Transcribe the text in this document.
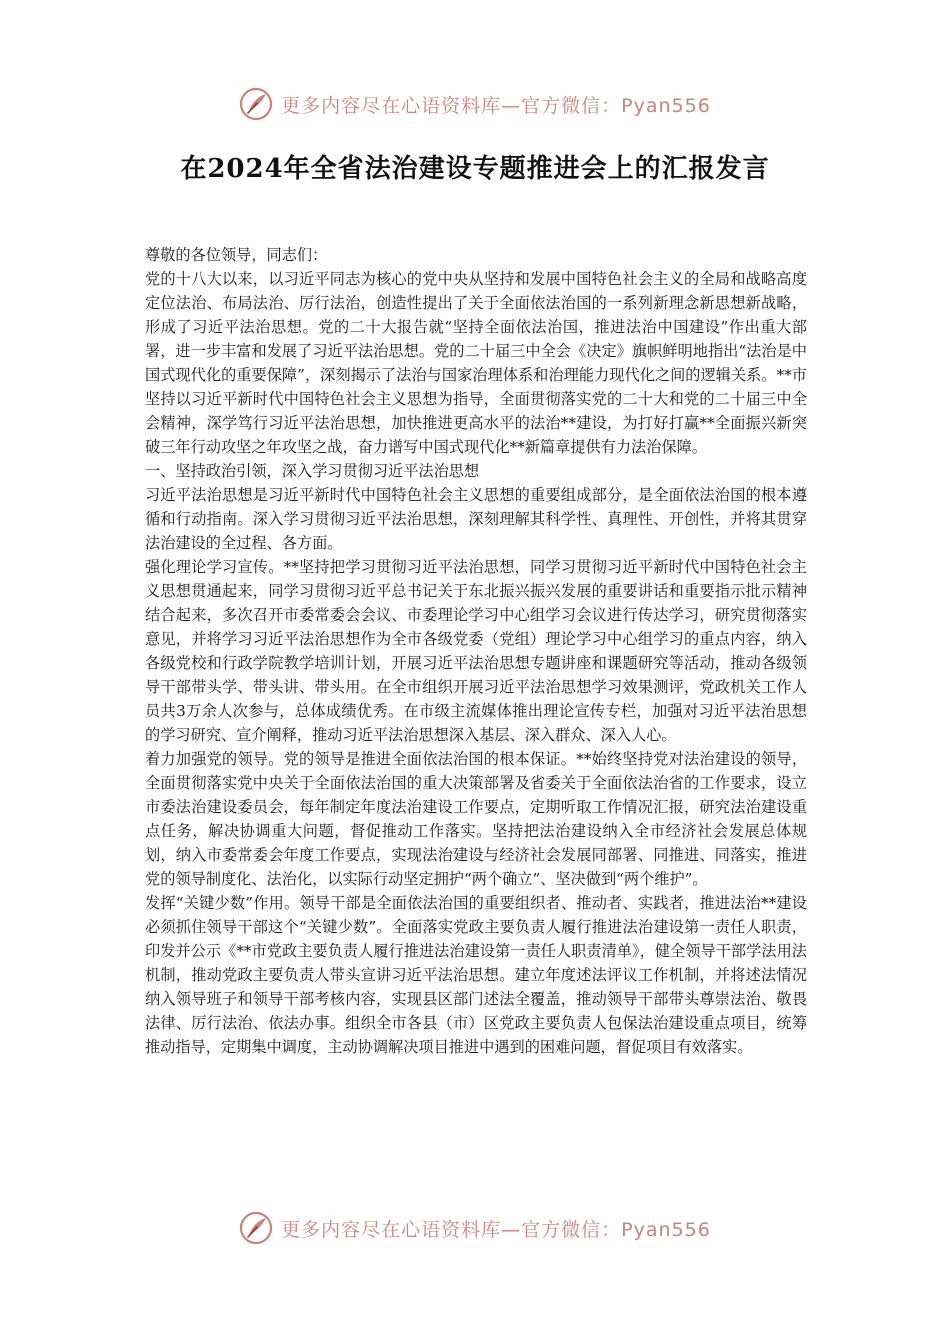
更多内容尽在心语资料库—官方微信：Pyan556
在2024年全省法治建设专题推进会上的汇报发言

尊敬的各位领导，同志们：

党的十八大以来，以习近平同志为核心的党中央从坚持和发展中国特色社会主义的全局和战略高度定位法治、布局法治、厉行法治，创造性提出了关于全面依法治国的一系列新理念新思想新战略，形成了习近平法治思想。党的二十大报告就“坚持全面依法治国，推进法治中国建设”作出重大部署，进一步丰富和发展了习近平法治思想。党的二十届三中全会《决定》旗帜鲜明地指出“法治是中国式现代化的重要保障”，深刻揭示了法治与国家治理体系和治理能力现代化之间的逻辑关系。**市坚持以习近平新时代中国特色社会主义思想为指导，全面贯彻落实党的二十大和党的二十届三中全会精神，深学笃行习近平法治思想，加快推进更高水平的法治**建设，为打好打赢**全面振兴新突破三年行动攻坚之年攻坚之战，奋力谱写中国式现代化**新篇章提供有力法治保障。

一、坚持政治引领，深入学习贯彻习近平法治思想

习近平法治思想是习近平新时代中国特色社会主义思想的重要组成部分，是全面依法治国的根本遵循和行动指南。深入学习贯彻习近平法治思想，深刻理解其科学性、真理性、开创性，并将其贯穿法治建设的全过程、各方面。

强化理论学习宣传。**坚持把学习贯彻习近平法治思想，同学习贯彻习近平新时代中国特色社会主义思想贯通起来，同学习贯彻习近平总书记关于东北振兴振兴发展的重要讲话和重要指示批示精神结合起来，多次召开市委常委会会议、市委理论学习中心组学习会议进行传达学习，研究贯彻落实意见，并将学习习近平法治思想作为全市各级党委（党组）理论学习中心组学习的重点内容，纳入各级党校和行政学院教学培训计划，开展习近平法治思想专题讲座和课题研究等活动，推动各级领导干部带头学、带头讲、带头用。在全市组织开展习近平法治思想学习效果测评，党政机关工作人员共3万余人次参与，总体成绩优秀。在市级主流媒体推出理论宣传专栏，加强对习近平法治思想的学习研究、宣介阐释，推动习近平法治思想深入基层、深入群众、深入人心。

着力加强党的领导。党的领导是推进全面依法治国的根本保证。**始终坚持党对法治建设的领导，全面贯彻落实党中央关于全面依法治国的重大决策部署及省委关于全面依法治省的工作要求，设立市委法治建设委员会，每年制定年度法治建设工作要点，定期听取工作情况汇报，研究法治建设重点任务，解决协调重大问题，督促推动工作落实。坚持把法治建设纳入全市经济社会发展总体规划，纳入市委常委会年度工作要点，实现法治建设与经济社会发展同部署、同推进、同落实，推进党的领导制度化、法治化，以实际行动坚定拥护“两个确立”、坚决做到“两个维护”。

发挥“关键少数”作用。领导干部是全面依法治国的重要组织者、推动者、实践者，推进法治**建设必须抓住领导干部这个“关键少数”。全面落实党政主要负责人履行推进法治建设第一责任人职责，印发并公示《**市党政主要负责人履行推进法治建设第一责任人职责清单》，健全领导干部学法用法机制，推动党政主要负责人带头宣讲习近平法治思想。建立年度述法评议工作机制，并将述法情况纳入领导班子和领导干部考核内容，实现县区部门述法全覆盖，推动领导干部带头尊崇法治、敬畏法律、厉行法治、依法办事。组织全市各县（市）区党政主要负责人包保法治建设重点项目，统筹推动指导，定期集中调度，主动协调解决项目推进中遇到的困难问题，督促项目有效落实。

更多内容尽在心语资料库—官方微信：Pyan556
